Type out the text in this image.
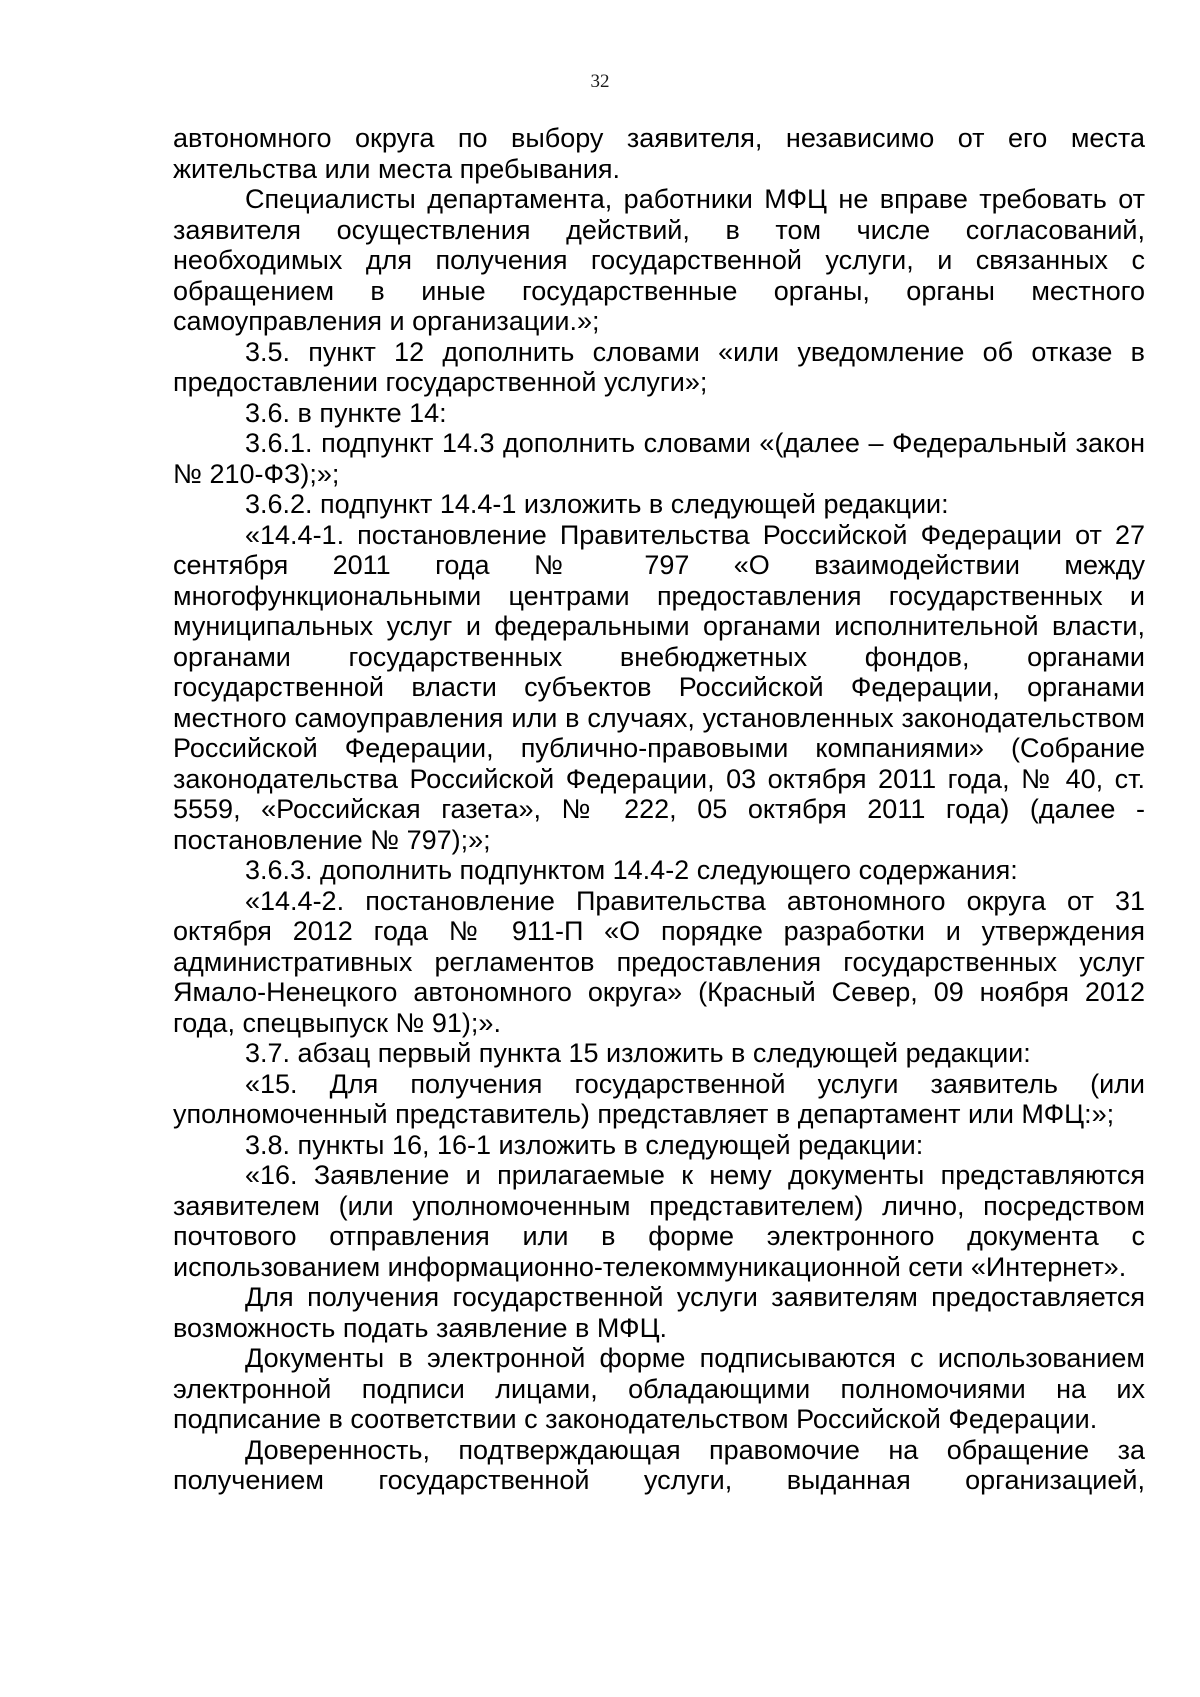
32

автономного округа по выбору заявителя, независимо от его места жительства или места пребывания.

Специалисты департамента, работники МФЦ не вправе требовать от заявителя осуществления действий, в том числе согласований, необходимых для получения государственной услуги, и связанных с обращением в иные государственные органы, органы местного самоуправления и организации.»;

3.5. пункт 12 дополнить словами «или уведомление об отказе в предоставлении государственной услуги»;

3.6. в пункте 14:

3.6.1. подпункт 14.3 дополнить словами «(далее – Федеральный закон № 210-ФЗ);»;

3.6.2. подпункт 14.4-1 изложить в следующей редакции:

«14.4-1. постановление Правительства Российской Федерации от 27 сентября 2011 года № 797 «О взаимодействии между многофункциональными центрами предоставления государственных и муниципальных услуг и федеральными органами исполнительной власти, органами государственных внебюджетных фондов, органами государственной власти субъектов Российской Федерации, органами местного самоуправления или в случаях, установленных законодательством Российской Федерации, публично-правовыми компаниями» (Собрание законодательства Российской Федерации, 03 октября 2011 года, № 40, ст. 5559, «Российская газета», № 222, 05 октября 2011 года) (далее - постановление № 797);»;

3.6.3. дополнить подпунктом 14.4-2 следующего содержания:

«14.4-2. постановление Правительства автономного округа от 31 октября 2012 года № 911-П «О порядке разработки и утверждения административных регламентов предоставления государственных услуг Ямало-Ненецкого автономного округа» (Красный Север, 09 ноября 2012 года, спецвыпуск № 91);».

3.7. абзац первый пункта 15 изложить в следующей редакции:

«15. Для получения государственной услуги заявитель (или уполномоченный представитель) представляет в департамент или МФЦ:»;

3.8. пункты 16, 16-1 изложить в следующей редакции:

«16. Заявление и прилагаемые к нему документы представляются заявителем (или уполномоченным представителем) лично, посредством почтового отправления или в форме электронного документа с использованием информационно-телекоммуникационной сети «Интернет».

Для получения государственной услуги заявителям предоставляется возможность подать заявление в МФЦ.

Документы в электронной форме подписываются с использованием электронной подписи лицами, обладающими полномочиями на их подписание в соответствии с законодательством Российской Федерации.

Доверенность, подтверждающая правомочие на обращение за получением государственной услуги, выданная организацией,
